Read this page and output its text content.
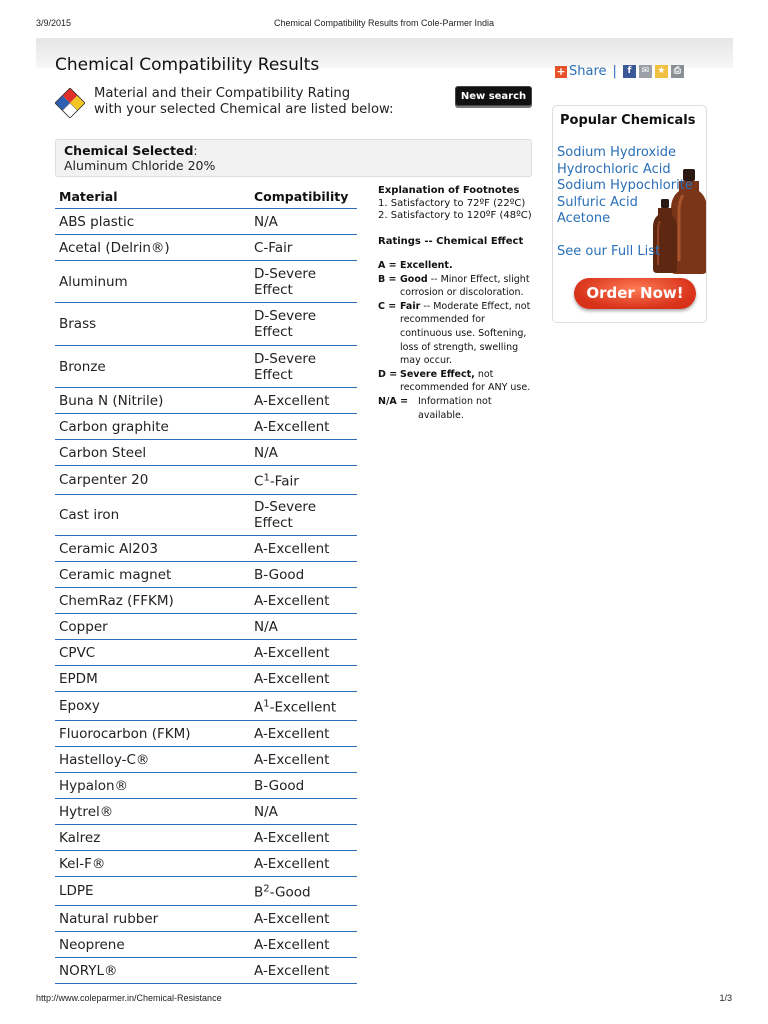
3/9/2015	Chemical Compatibility Results from Cole-Parmer India
Chemical Compatibility Results	+ Share |	f	✉ ★ ⎙
Material and their Compatibility Rating
with your selected Chemical are listed below:
New search
Chemical Selected:
Aluminum Chloride 20%
Material	Compatibility
ABS plastic	N/A
Acetal (Delrin®)	C-Fair
Aluminum	D-Severe Effect
Brass	D-Severe Effect
Bronze	D-Severe Effect
Buna N (Nitrile)	A-Excellent
Carbon graphite	A-Excellent
Carbon Steel	N/A
Carpenter 20	$C^1$-Fair
Cast iron	D-Severe Effect
Ceramic Al203	A-Excellent
Ceramic magnet	B-Good
ChemRaz (FFKM)	A-Excellent
Copper	N/A
CPVC	A-Excellent
EPDM	A-Excellent
Epoxy	$A^1$-Excellent
Fluorocarbon (FKM)	A-Excellent
Hastelloy-C®	A-Excellent
Hypalon®	B-Good
Hytrel®	N/A
Kalrez	A-Excellent
Kel-F®	A-Excellent
LDPE	$B^2$-Good
Natural rubber	A-Excellent
Neoprene	A-Excellent
NORYL®	A-Excellent
Explanation of Footnotes
1. Satisfactory to 72ºF (22ºC)
2. Satisfactory to 120ºF (48ºC)
Ratings -- Chemical Effect
A = Excellent.
B = Good -- Minor Effect, slight corrosion or discoloration.
C = Fair -- Moderate Effect, not recommended for continuous use. Softening, loss of strength, swelling may occur.
D = Severe Effect, not recommended for ANY use.
N/A = Information not available.
Popular Chemicals
Sodium Hydroxide
Hydrochloric Acid
Sodium Hypochlorite
Sulfuric Acid
Acetone
See our Full List
Order Now!
http://www.coleparmer.in/Chemical-Resistance	1/3
